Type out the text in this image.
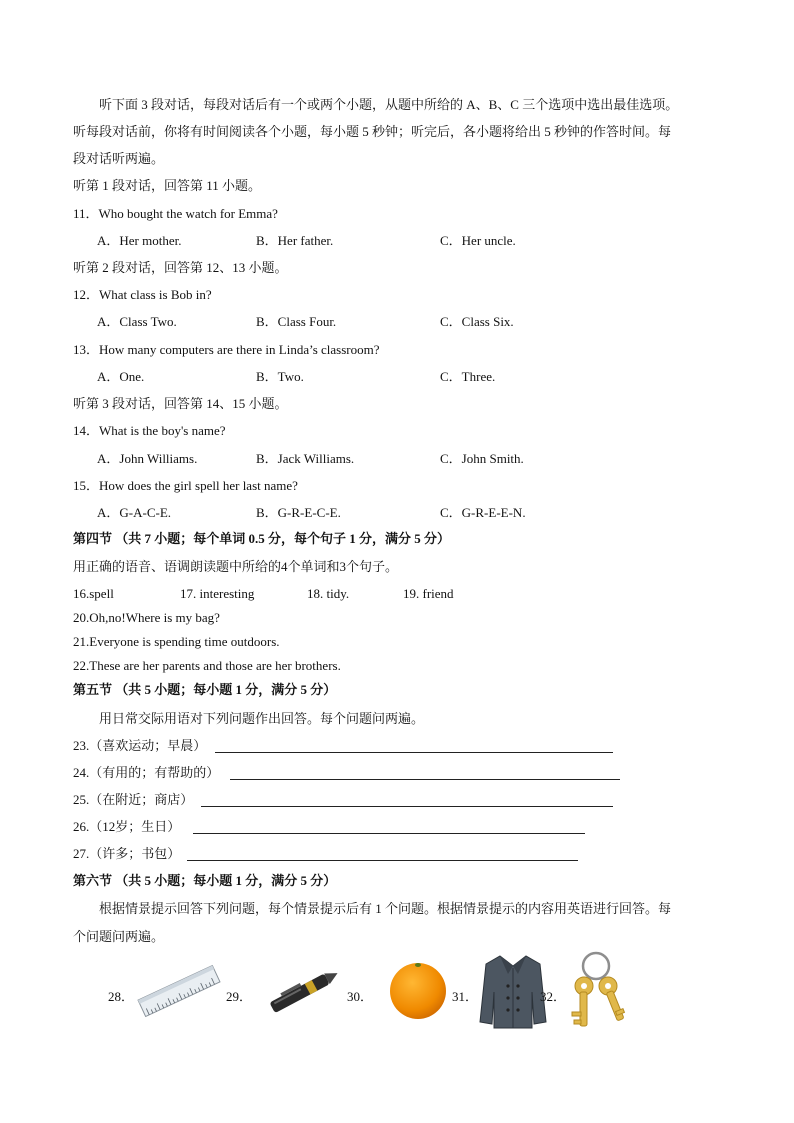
听下面 3 段对话，每段对话后有一个或两个小题，从题中所给的 A、B、C 三个选项中选出最佳选项。
听每段对话前，你将有时间阅读各个小题，每小题 5 秒钟；听完后，各小题将给出 5 秒钟的作答时间。每
段对话听两遍。
听第 1 段对话，回答第 11 小题。
11．Who bought the watch for Emma?
A．Her mother.	B．Her father.	C．Her uncle.
听第 2 段对话，回答第 12、13 小题。
12．What class is Bob in?
A．Class Two.	B．Class Four.	C．Class Six.
13．How many computers are there in Linda’s classroom?
A．One.	B．Two.	C．Three.
听第 3 段对话，回答第 14、15 小题。
14．What is the boy's name?
A．John Williams.	B．Jack Williams.	C．John Smith.
15．How does the girl spell her last name?
A．G-A-C-E.	B．G-R-E-C-E.	C．G-R-E-E-N.
第四节 （共 7 小题；每个单词 0.5 分，每个句子 1 分，满分 5 分）
用正确的语音、语调朗读题中所给的4个单词和3个句子。
16.spell	17. interesting	18. tidy.	19. friend
20.Oh,no!Where is my bag?
21.Everyone is spending time outdoors.
22.These are her parents and those are her brothers.
第五节 （共 5 小题；每小题 1 分，满分 5 分）
用日常交际用语对下列问题作出回答。每个问题问两遍。
23.（喜欢运动；早晨）
24.（有用的；有帮助的）
25.（在附近；商店）
26.（12岁；生日）
27.（许多；书包）
第六节 （共 5 小题；每小题 1 分，满分 5 分）
根据情景提示回答下列问题，每个情景提示后有 1 个问题。根据情景提示的内容用英语进行回答。每
个问题问两遍。
28．	29．	30．	31．	32．
